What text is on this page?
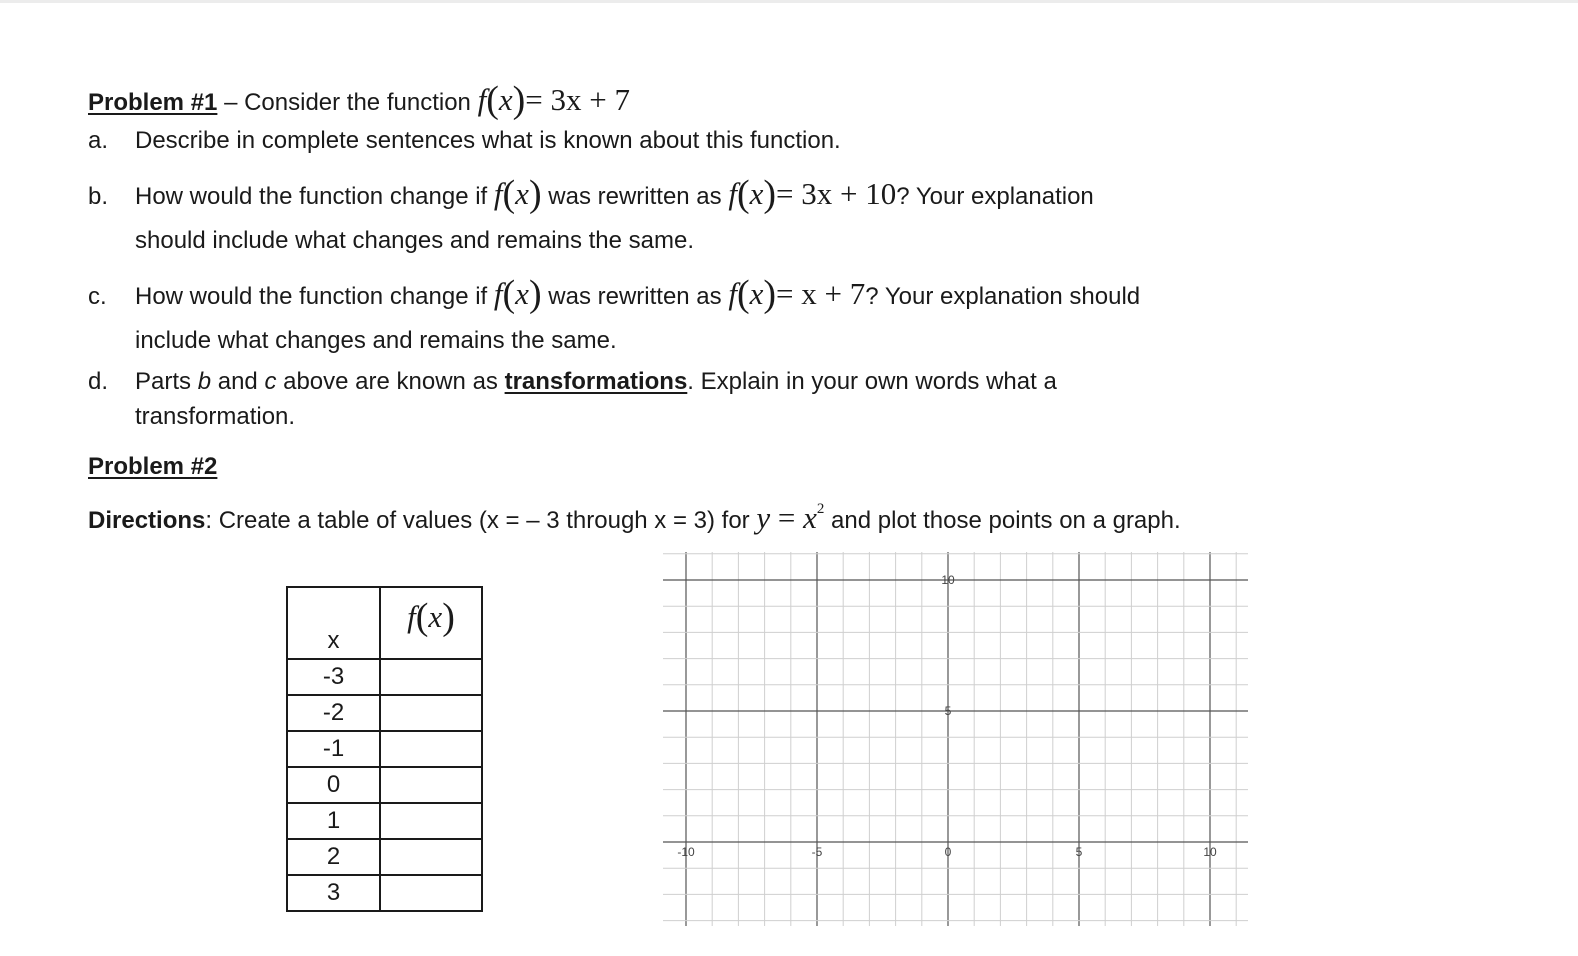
Problem #1 – Consider the function f(x)= 3x + 7
a. Describe in complete sentences what is known about this function.
b. How would the function change if f(x) was rewritten as f(x)= 3x + 10? Your explanation
should include what changes and remains the same.
c. How would the function change if f(x) was rewritten as f(x)= x + 7? Your explanation should
include what changes and remains the same.
d. Parts b and c above are known as transformations. Explain in your own words what a
transformation.
Problem #2
Directions: Create a table of values (x = – 3 through x = 3) for $y = x^2$ and plot those points on a graph.
x	f(x)
-3	
-2	
-1	
0	
1	
2	
3	
-10	-5	0	5	10
10
5
